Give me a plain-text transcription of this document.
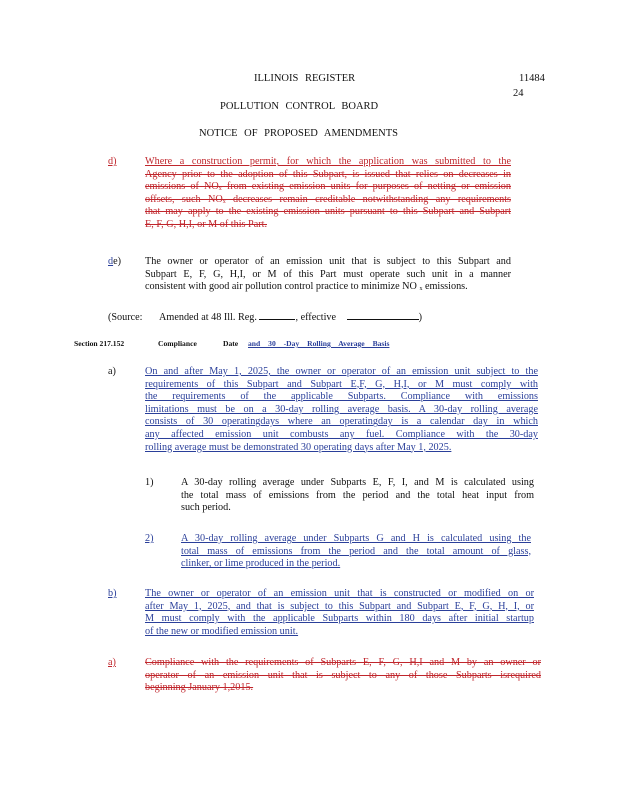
ILLINOIS REGISTER	11484
24
POLLUTION CONTROL BOARD
NOTICE OF PROPOSED AMENDMENTS
d)	Where a construction permit, for which the application was submitted to the
Agency prior to the adoption of this Subpart, is issued that relies on decreases in
emissions of NOₓ from existing emission units for purposes of netting or emission
offsets, such NOₓ decreases remain creditable notwithstanding any requirements
that may apply to the existing emission units pursuant to this Subpart and Subpart
E, F, G, H,I, or M of this Part.
de) The owner or operator of an emission unit that is subject to this Subpart and
Subpart E, F, G, H,I, or M of this Part must operate such unit in a manner
consistent with good air pollution control practice to minimize NO ₓ emissions.
(Source: Amended at 48 Ill. Reg.	, effective	)
Section 217.152	Compliance	Date and 30 -Day Rolling Average Basis
a)	On and after May 1, 2025, the owner or operator of an emission unit subject to the
requirements of this Subpart and Subpart E,F, G, H,I, or M must comply with
the requirements of the applicable Subparts. Compliance with emissions
limitations must be on a 30-day rolling average basis. A 30-day rolling average
consists of 30 operatingdays where an operatingday is a calendar day in which
any affected emission unit combusts any fuel. Compliance with the 30-day
rolling average must be demonstrated 30 operating days after May 1, 2025.
1)	A 30-day rolling average under Subparts E, F, I, and M is calculated using
the total mass of emissions from the period and the total heat input from
such period.
2)	A 30-day rolling average under Subparts G and H is calculated using the
total mass of emissions from the period and the total amount of glass,
clinker, or lime produced in the period.
b)	The owner or operator of an emission unit that is constructed or modified on or
after May 1, 2025, and that is subject to this Subpart and Subpart E, F, G, H, I, or
M must comply with the applicable Subparts within 180 days after initial startup
of the new or modified emission unit.
a)	Compliance with the requirements of Subparts E, F, G, H,I and M by an owner or
operator of an emission unit that is subject to any of those Subparts isrequired
beginning January 1,2015.
